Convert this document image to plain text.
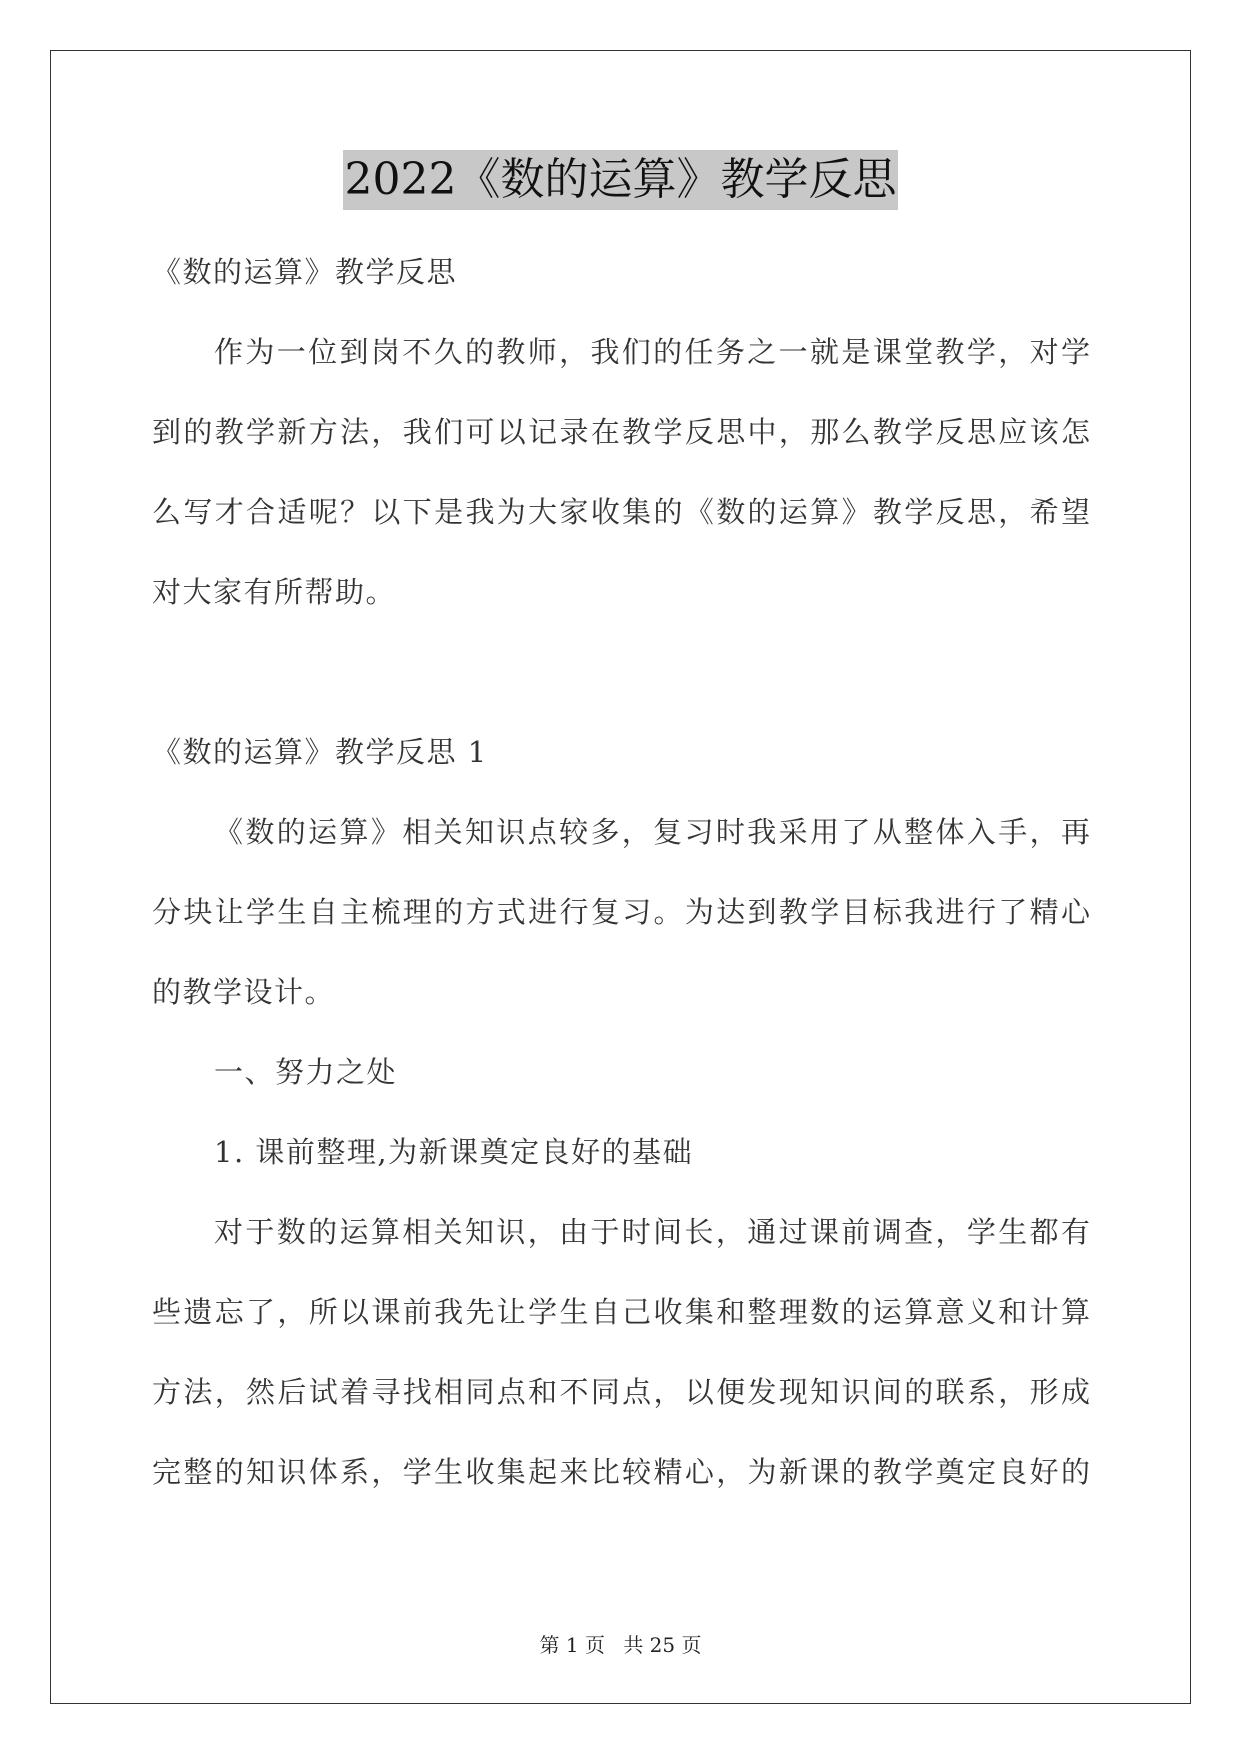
2022《数的运算》教学反思
《数的运算》教学反思
作为一位到岗不久的教师，我们的任务之一就是课堂教学，对学
到的教学新方法，我们可以记录在教学反思中，那么教学反思应该怎
么写才合适呢？以下是我为大家收集的《数的运算》教学反思，希望
对大家有所帮助。
《数的运算》教学反思 1
《数的运算》相关知识点较多，复习时我采用了从整体入手，再
分块让学生自主梳理的方式进行复习。为达到教学目标我进行了精心
的教学设计。
一、努力之处
1. 课前整理,为新课奠定良好的基础
对于数的运算相关知识，由于时间长，通过课前调查，学生都有
些遗忘了，所以课前我先让学生自己收集和整理数的运算意义和计算
方法，然后试着寻找相同点和不同点，以便发现知识间的联系，形成
完整的知识体系，学生收集起来比较精心，为新课的教学奠定良好的
第 1 页 共 25 页
